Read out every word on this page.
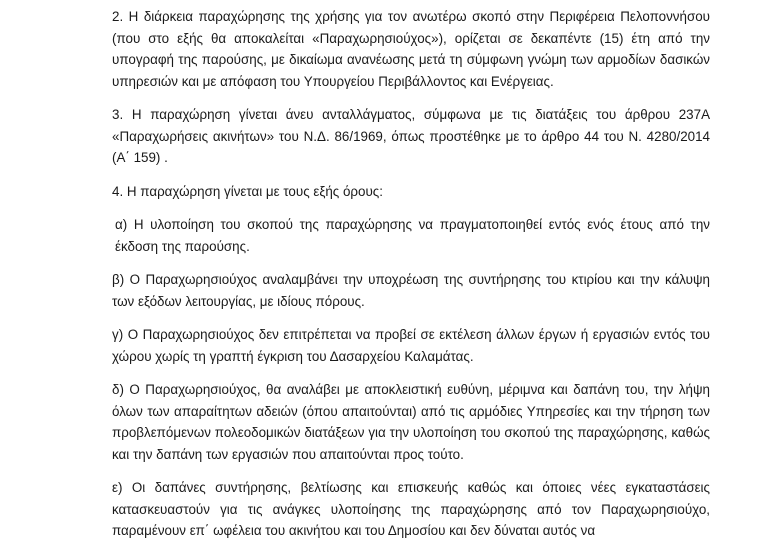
2. Η διάρκεια παραχώρησης της χρήσης για τον ανωτέρω σκοπό στην Περιφέρεια Πελοποννήσου (που στο εξής θα αποκαλείται «Παραχωρησιούχος»), ορίζεται σε δεκαπέντε (15) έτη από την υπογραφή της παρούσης, με δικαίωμα ανανέωσης μετά τη σύμφωνη γνώμη των αρμοδίων δασικών υπηρεσιών και με απόφαση του Υπουργείου Περιβάλλοντος και Ενέργειας.

3. Η παραχώρηση γίνεται άνευ ανταλλάγματος, σύμφωνα με τις διατάξεις του άρθρου 237Α «Παραχωρήσεις ακινήτων» του Ν.Δ. 86/1969, όπως προστέθηκε με το άρθρο 44 του Ν. 4280/2014 (Α΄ 159) .

4. Η παραχώρηση γίνεται με τους εξής όρους:

α) Η υλοποίηση του σκοπού της παραχώρησης να πραγματοποιηθεί εντός ενός έτους από την έκδοση της παρούσης.

β) Ο Παραχωρησιούχος αναλαμβάνει την υποχρέωση της συντήρησης του κτιρίου και την κάλυψη των εξόδων λειτουργίας, με ιδίους πόρους.

γ) Ο Παραχωρησιούχος δεν επιτρέπεται να προβεί σε εκτέλεση άλλων έργων ή εργασιών εντός του χώρου χωρίς τη γραπτή έγκριση του Δασαρχείου Καλαμάτας.

δ) Ο Παραχωρησιούχος, θα αναλάβει με αποκλειστική ευθύνη, μέριμνα και δαπάνη του, την λήψη όλων των απαραίτητων αδειών (όπου απαιτούνται) από τις αρμόδιες Υπηρεσίες και την τήρηση των προβλεπόμενων πολεοδομικών διατάξεων για την υλοποίηση του σκοπού της παραχώρησης, καθώς και την δαπάνη των εργασιών που απαιτούνται προς τούτο.

ε) Οι δαπάνες συντήρησης, βελτίωσης και επισκευής καθώς και όποιες νέες εγκαταστάσεις κατασκευαστούν για τις ανάγκες υλοποίησης της παραχώρησης από τον Παραχωρησιούχο, παραμένουν επ΄ ωφέλεια του ακινήτου και του Δημοσίου και δεν δύναται αυτός να
